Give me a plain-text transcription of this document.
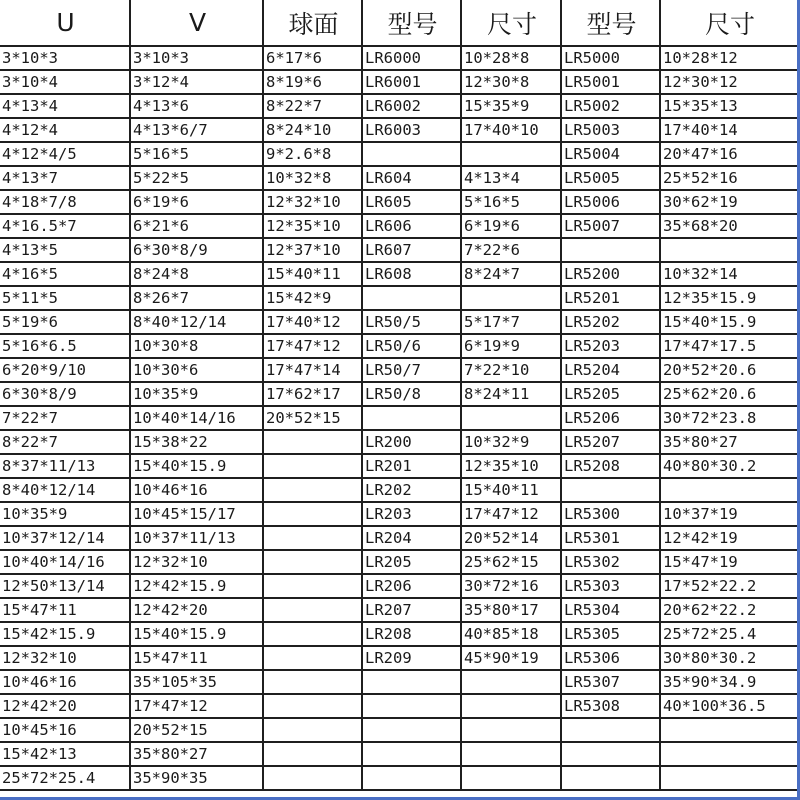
U	V	球面	型号	尺寸	型号	尺寸
3*10*3	3*10*3	6*17*6	LR6000	10*28*8	LR5000	10*28*12
3*10*4	3*12*4	8*19*6	LR6001	12*30*8	LR5001	12*30*12
4*13*4	4*13*6	8*22*7	LR6002	15*35*9	LR5002	15*35*13
4*12*4	4*13*6/7	8*24*10	LR6003	17*40*10	LR5003	17*40*14
4*12*4/5	5*16*5	9*2.6*8			LR5004	20*47*16
4*13*7	5*22*5	10*32*8	LR604	4*13*4	LR5005	25*52*16
4*18*7/8	6*19*6	12*32*10	LR605	5*16*5	LR5006	30*62*19
4*16.5*7	6*21*6	12*35*10	LR606	6*19*6	LR5007	35*68*20
4*13*5	6*30*8/9	12*37*10	LR607	7*22*6		
4*16*5	8*24*8	15*40*11	LR608	8*24*7	LR5200	10*32*14
5*11*5	8*26*7	15*42*9			LR5201	12*35*15.9
5*19*6	8*40*12/14	17*40*12	LR50/5	5*17*7	LR5202	15*40*15.9
5*16*6.5	10*30*8	17*47*12	LR50/6	6*19*9	LR5203	17*47*17.5
6*20*9/10	10*30*6	17*47*14	LR50/7	7*22*10	LR5204	20*52*20.6
6*30*8/9	10*35*9	17*62*17	LR50/8	8*24*11	LR5205	25*62*20.6
7*22*7	10*40*14/16	20*52*15			LR5206	30*72*23.8
8*22*7	15*38*22		LR200	10*32*9	LR5207	35*80*27
8*37*11/13	15*40*15.9		LR201	12*35*10	LR5208	40*80*30.2
8*40*12/14	10*46*16		LR202	15*40*11		
10*35*9	10*45*15/17		LR203	17*47*12	LR5300	10*37*19
10*37*12/14	10*37*11/13		LR204	20*52*14	LR5301	12*42*19
10*40*14/16	12*32*10		LR205	25*62*15	LR5302	15*47*19
12*50*13/14	12*42*15.9		LR206	30*72*16	LR5303	17*52*22.2
15*47*11	12*42*20		LR207	35*80*17	LR5304	20*62*22.2
15*42*15.9	15*40*15.9		LR208	40*85*18	LR5305	25*72*25.4
12*32*10	15*47*11		LR209	45*90*19	LR5306	30*80*30.2
10*46*16	35*105*35				LR5307	35*90*34.9
12*42*20	17*47*12				LR5308	40*100*36.5
10*45*16	20*52*15					
15*42*13	35*80*27					
25*72*25.4	35*90*35					
